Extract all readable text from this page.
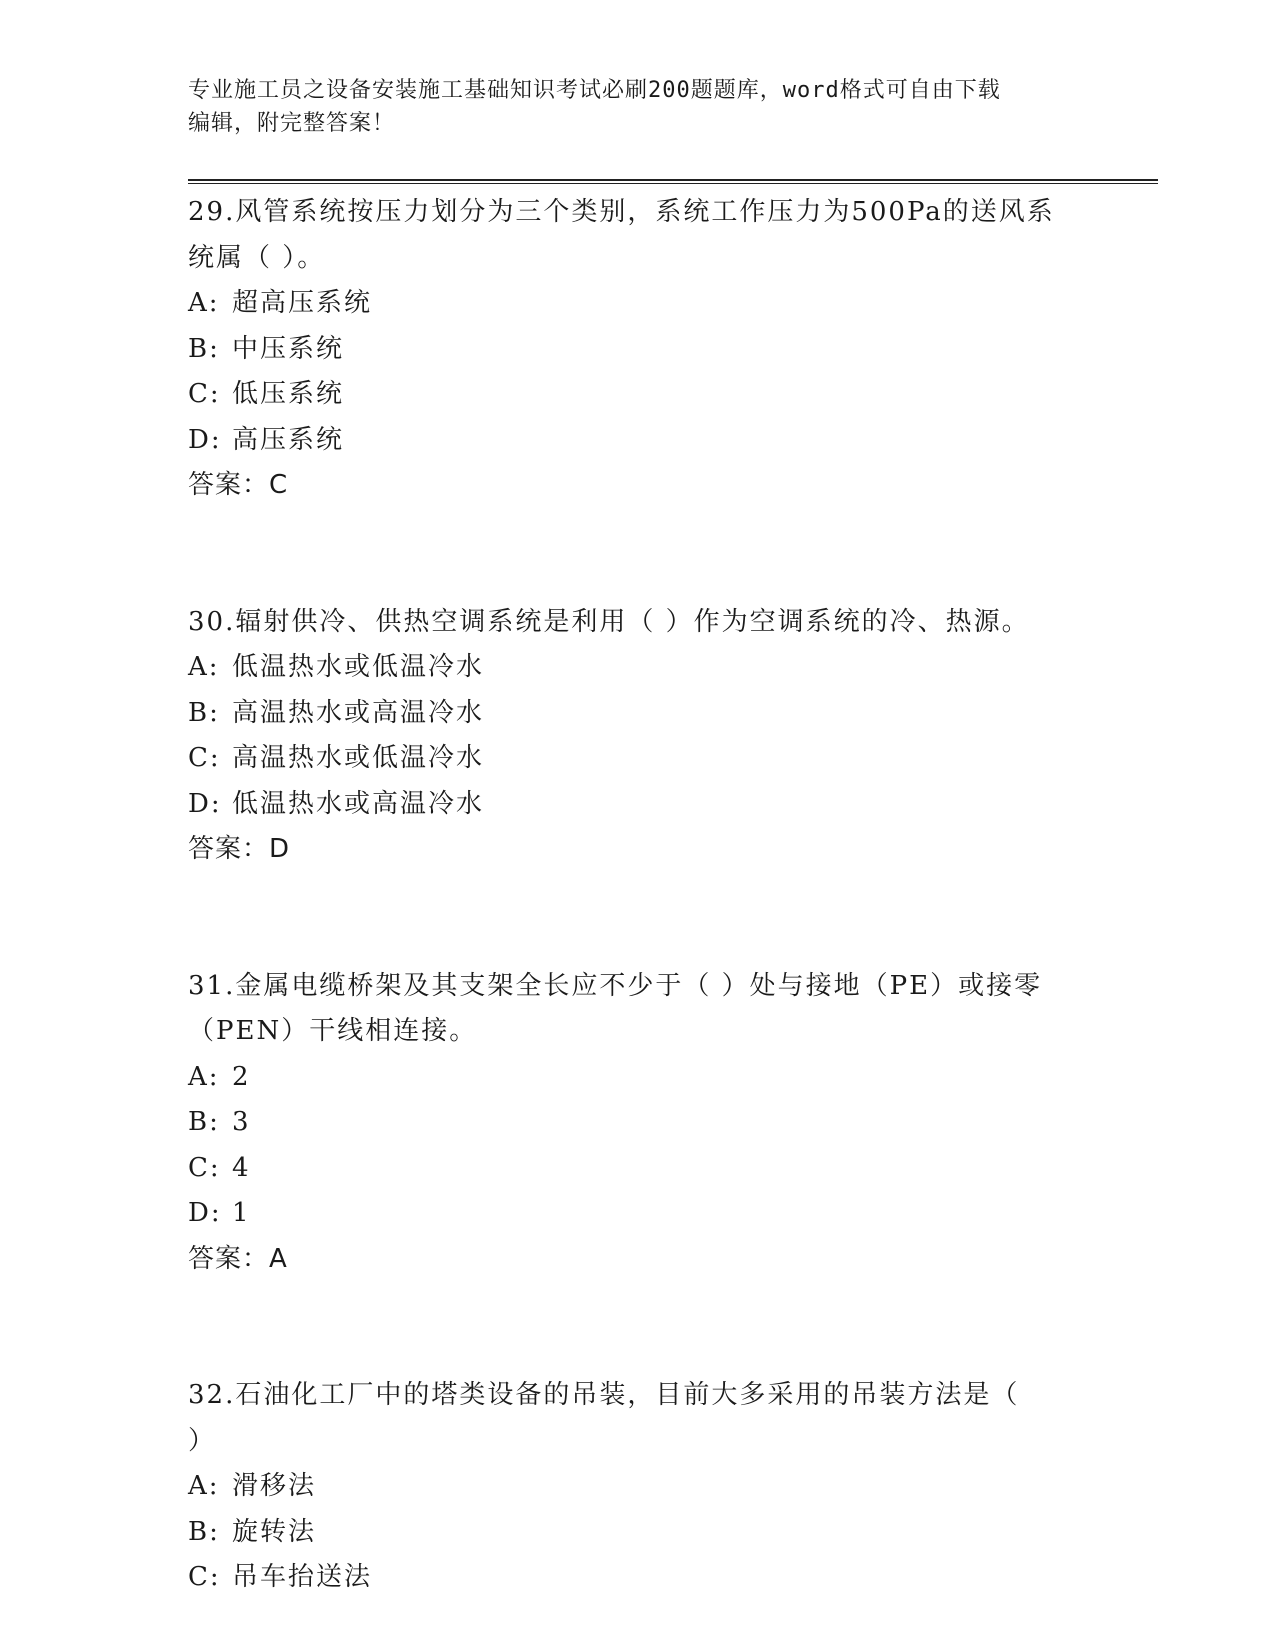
专业施工员之设备安装施工基础知识考试必刷200题题库，word格式可自由下载
编辑，附完整答案！

29.风管系统按压力划分为三个类别，系统工作压力为500Pa的送风系

统属（ ）。

A: 超高压系统

B: 中压系统

C: 低压系统

D: 高压系统

答案：C

30.辐射供冷、供热空调系统是利用（ ）作为空调系统的冷、热源。

A: 低温热水或低温冷水

B: 高温热水或高温冷水

C: 高温热水或低温冷水

D: 低温热水或高温冷水

答案：D

31.金属电缆桥架及其支架全长应不少于（ ）处与接地（PE）或接零

（PEN）干线相连接。

A: 2

B: 3

C: 4

D: 1

答案：A

32.石油化工厂中的塔类设备的吊装，目前大多采用的吊装方法是（

）

A: 滑移法

B: 旋转法

C: 吊车抬送法
